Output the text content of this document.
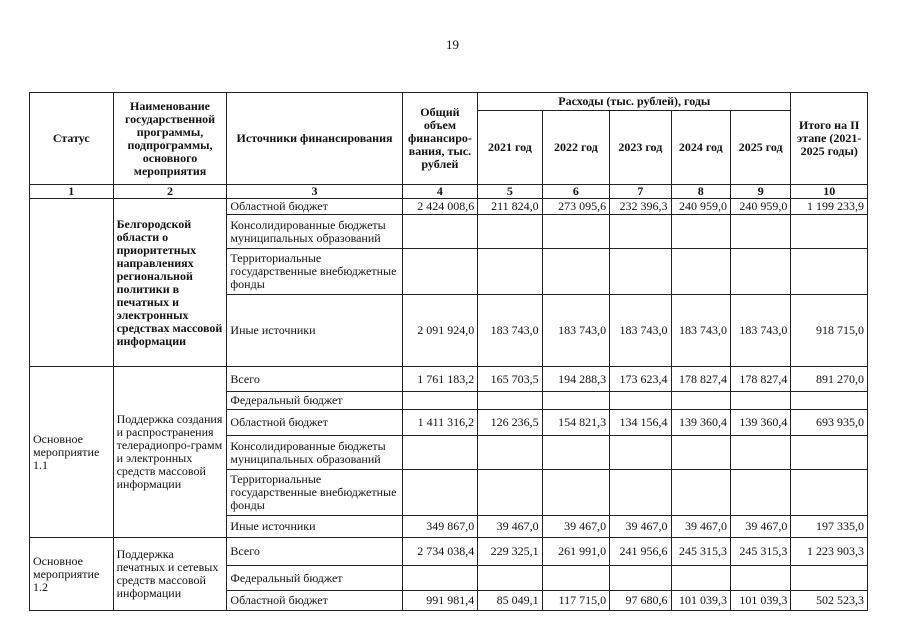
19
Статус	Наименование государственной программы, подпрограммы, основного мероприятия	Источники финансирования	Общий объем финансиро-вания, тыс. рублей	Расходы (тыс. рублей), годы					Итого на II этапе (2021-2025 годы)
				2021 год	2022 год	2023 год	2024 год	2025 год	
1	2	3	4	5	6	7	8	9	10
	Белгородской области о приоритетных направлениях региональной политики в печатных и электронных средствах массовой информации	Областной бюджет	2 424 008,6	211 824,0	273 095,6	232 396,3	240 959,0	240 959,0	1 199 233,9
		Консолидированные бюджеты муниципальных образований							
		Территориальные государственные внебюджетные фонды							
		Иные источники	2 091 924,0	183 743,0	183 743,0	183 743,0	183 743,0	183 743,0	918 715,0
Основное мероприятие 1.1	Поддержка создания и распространения телерадиопро-грамм и электронных средств массовой информации	Всего	1 761 183,2	165 703,5	194 288,3	173 623,4	178 827,4	178 827,4	891 270,0
		Федеральный бюджет							
		Областной бюджет	1 411 316,2	126 236,5	154 821,3	134 156,4	139 360,4	139 360,4	693 935,0
		Консолидированные бюджеты муниципальных образований							
		Территориальные государственные внебюджетные фонды							
		Иные источники	349 867,0	39 467,0	39 467,0	39 467,0	39 467,0	39 467,0	197 335,0
Основное мероприятие 1.2	Поддержка печатных и сетевых средств массовой информации	Всего	2 734 038,4	229 325,1	261 991,0	241 956,6	245 315,3	245 315,3	1 223 903,3
		Федеральный бюджет							
		Областной бюджет	991 981,4	85 049,1	117 715,0	97 680,6	101 039,3	101 039,3	502 523,3
